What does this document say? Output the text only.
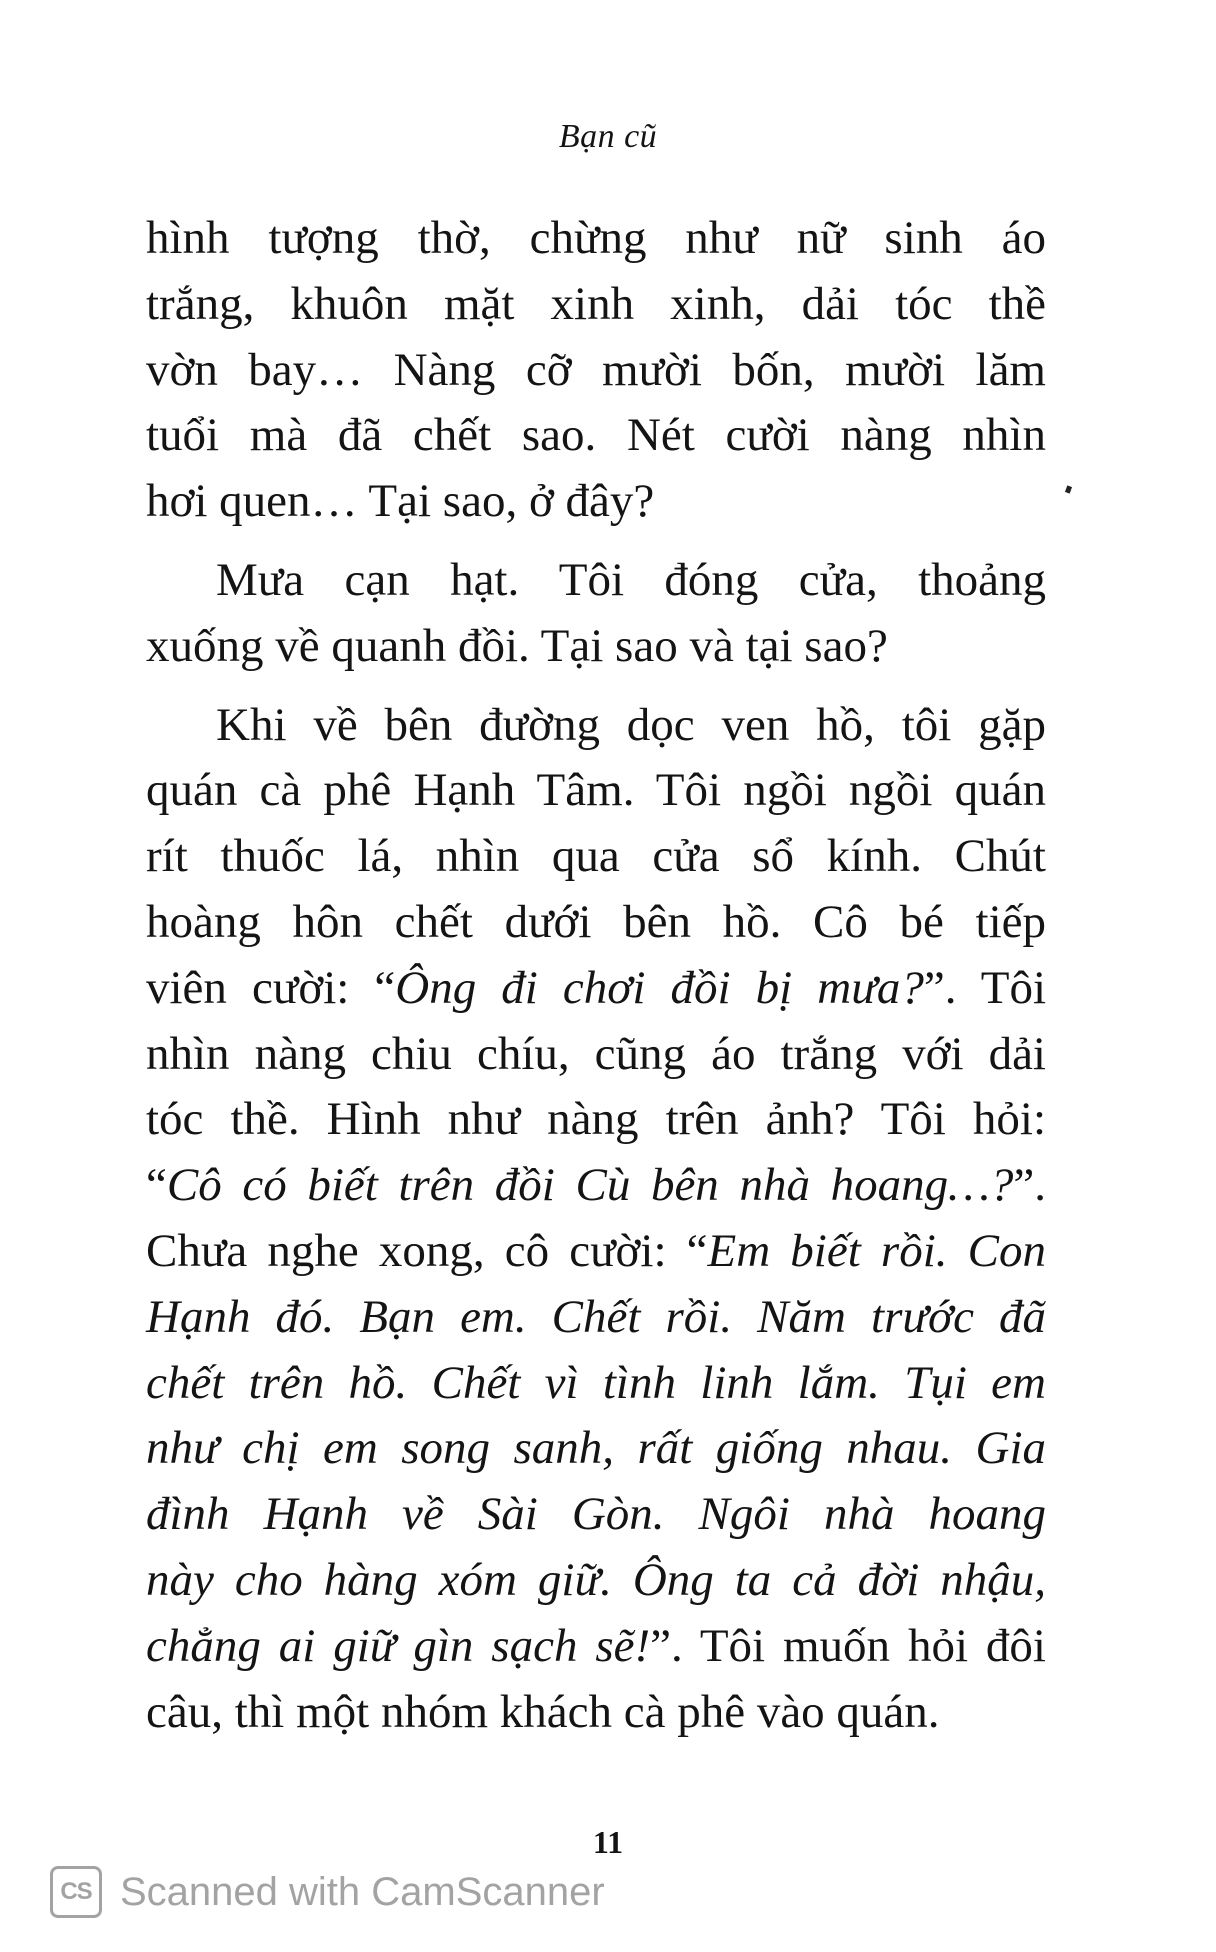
Bạn cũ
hình tượng thờ, chừng như nữ sinh áo
trắng, khuôn mặt xinh xinh, dải tóc thề
vờn bay… Nàng cỡ mười bốn, mười lăm
tuổi mà đã chết sao. Nét cười nàng nhìn
hơi quen… Tại sao, ở đây?
Mưa cạn hạt. Tôi đóng cửa, thoảng
xuống về quanh đồi. Tại sao và tại sao?
Khi về bên đường dọc ven hồ, tôi gặp
quán cà phê Hạnh Tâm. Tôi ngồi ngồi quán
rít thuốc lá, nhìn qua cửa sổ kính. Chút
hoàng hôn chết dưới bên hồ. Cô bé tiếp
viên cười: “Ông đi chơi đồi bị mưa?”. Tôi
nhìn nàng chiu chíu, cũng áo trắng với dải
tóc thề. Hình như nàng trên ảnh? Tôi hỏi:
“Cô có biết trên đồi Cù bên nhà hoang…?”.
Chưa nghe xong, cô cười: “Em biết rồi. Con
Hạnh đó. Bạn em. Chết rồi. Năm trước đã
chết trên hồ. Chết vì tình linh lắm. Tụi em
như chị em song sanh, rất giống nhau. Gia
đình Hạnh về Sài Gòn. Ngôi nhà hoang
này cho hàng xóm giữ. Ông ta cả đời nhậu,
chẳng ai giữ gìn sạch sẽ!”. Tôi muốn hỏi đôi
câu, thì một nhóm khách cà phê vào quán.
11
CS Scanned with CamScanner
